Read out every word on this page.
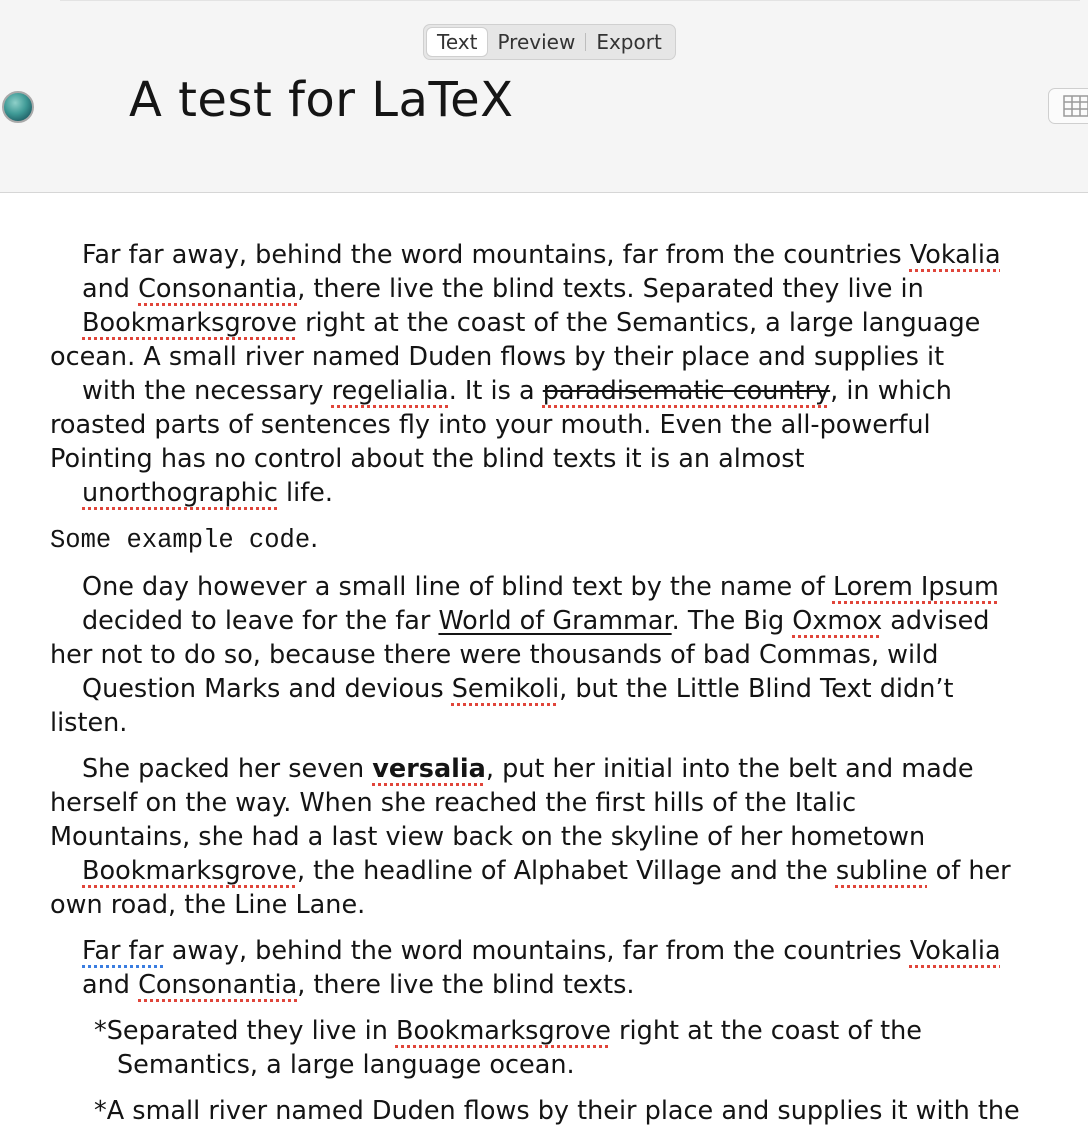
Text	Preview	Export
A test for LaTeX
Far far away, behind the word mountains, far from the countries Vokalia
and Consonantia, there live the blind texts. Separated they live in
Bookmarksgrove right at the coast of the Semantics, a large language
ocean. A small river named Duden flows by their place and supplies it
with the necessary regelialia. It is a paradisematic country, in which
roasted parts of sentences fly into your mouth. Even the all-powerful
Pointing has no control about the blind texts it is an almost
unorthographic life.
Some example code.
One day however a small line of blind text by the name of Lorem Ipsum
decided to leave for the far World of Grammar. The Big Oxmox advised
her not to do so, because there were thousands of bad Commas, wild
Question Marks and devious Semikoli, but the Little Blind Text didn’t
listen.
She packed her seven versalia, put her initial into the belt and made
herself on the way. When she reached the first hills of the Italic
Mountains, she had a last view back on the skyline of her hometown
Bookmarksgrove, the headline of Alphabet Village and the subline of her
own road, the Line Lane.
Far far away, behind the word mountains, far from the countries Vokalia
and Consonantia, there live the blind texts.
*Separated they live in Bookmarksgrove right at the coast of the
Semantics, a large language ocean.
*A small river named Duden flows by their place and supplies it with the
